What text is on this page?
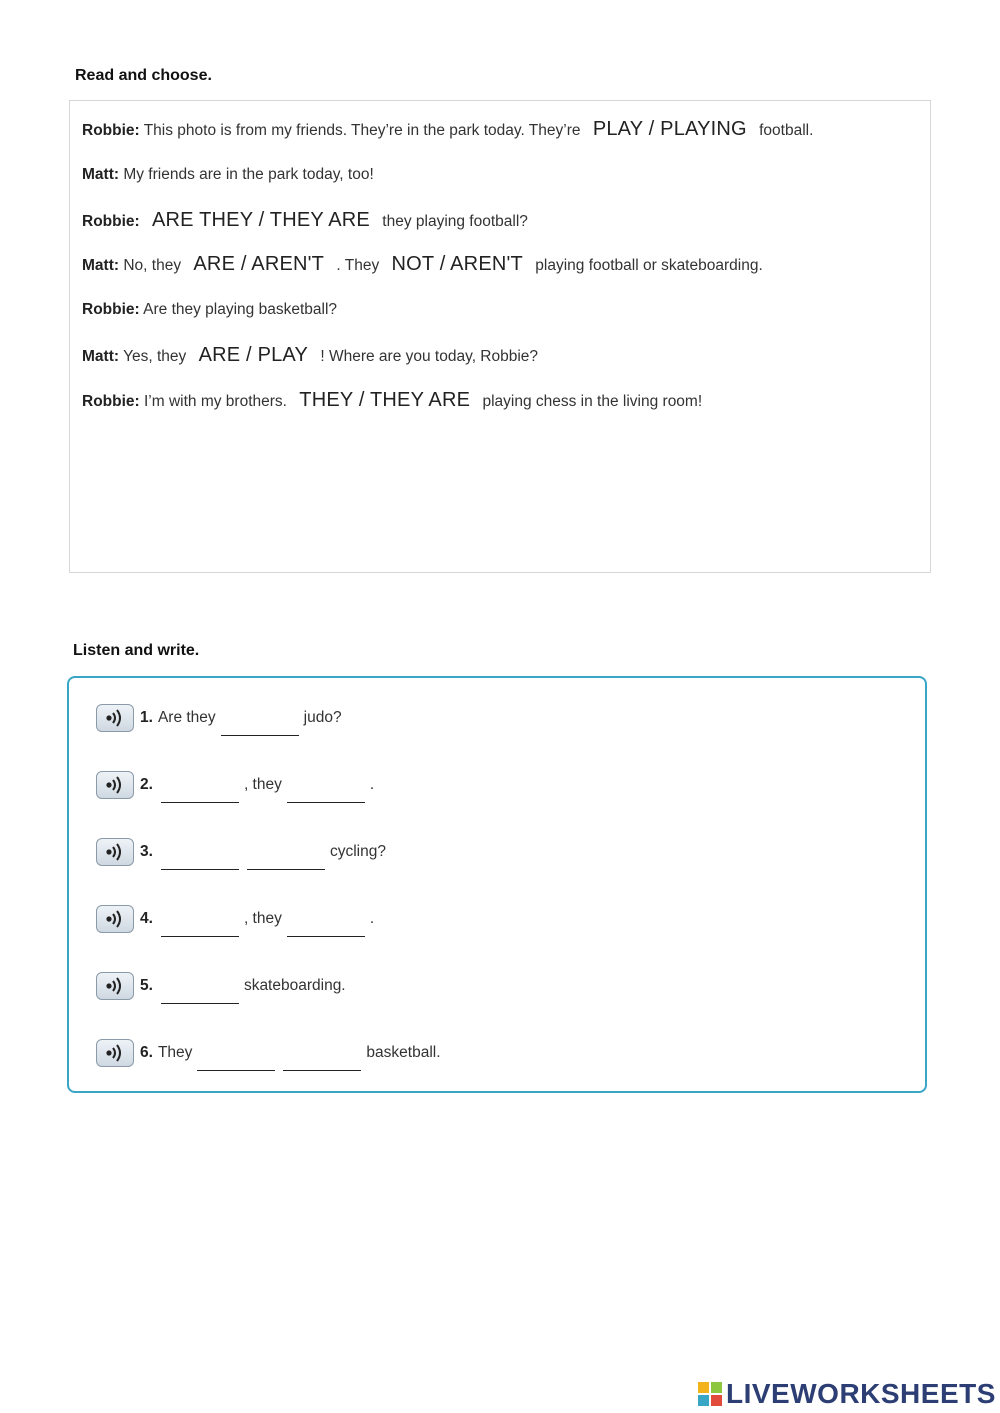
Read and choose.
Robbie: This photo is from my friends. They’re in the park today. They’re PLAY / PLAYING football.
Matt: My friends are in the park today, too!
Robbie: ARE THEY / THEY ARE they playing football?
Matt: No, they ARE / AREN'T . They NOT / AREN'T playing football or skateboarding.
Robbie: Are they playing basketball?
Matt: Yes, they ARE / PLAY ! Where are you today, Robbie?
Robbie: I’m with my brothers. THEY / THEY ARE playing chess in the living room!
Listen and write.
1. Are they	judo?
2.	, they	.
3.	cycling?
4.	, they	.
5.	skateboarding.
6. They	basketball.
LIVEWORKSHEETS
